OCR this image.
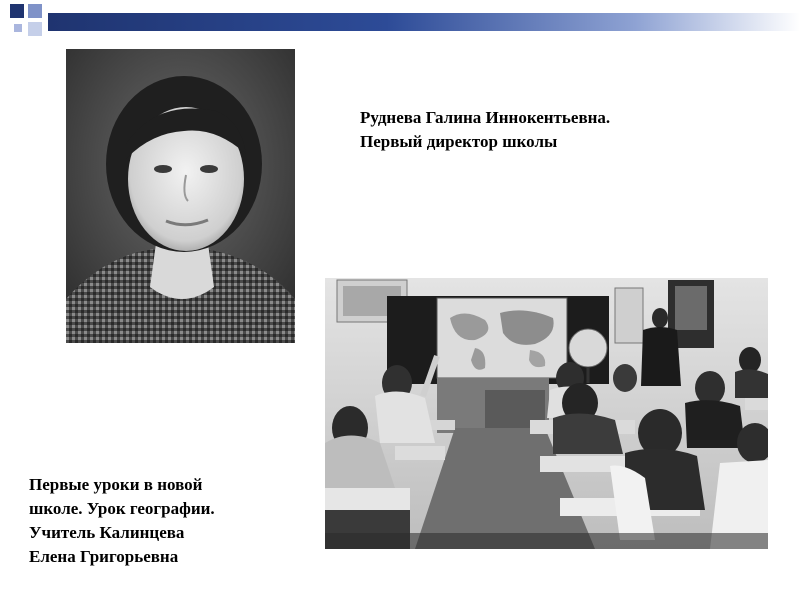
Руднева Галина Иннокентьевна.
Первый директор школы
Первые уроки в новой
школе. Урок географии.
Учитель Калинцева
Елена Григорьевна
